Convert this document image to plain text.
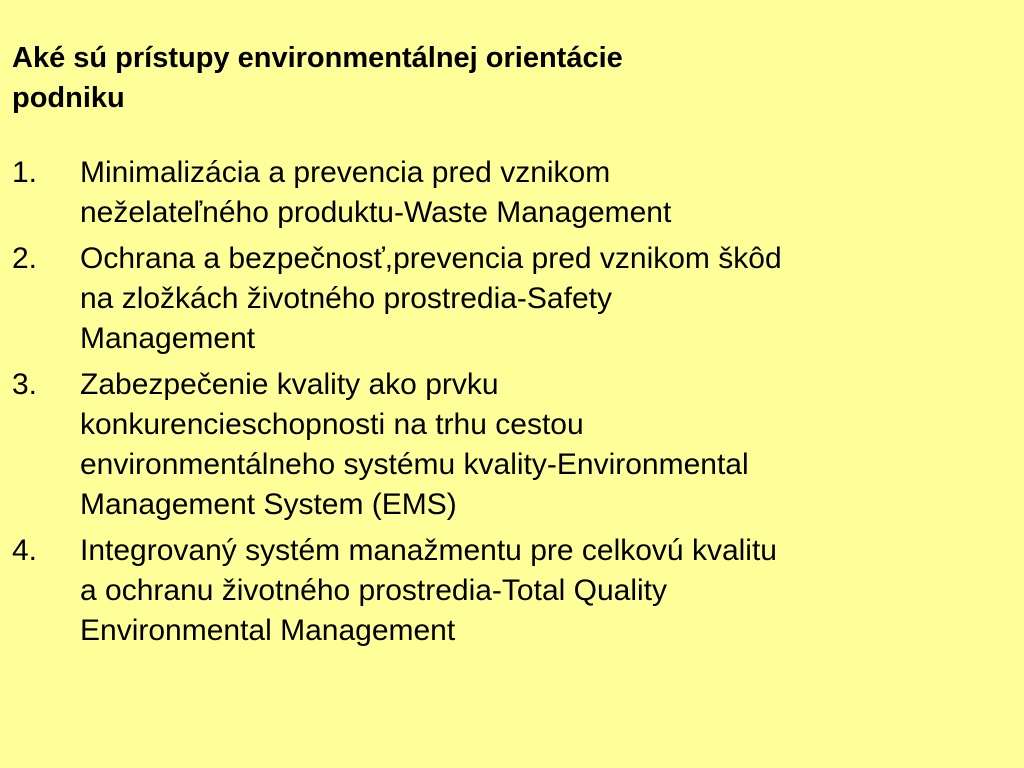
Aké sú prístupy environmentálnej orientácie
podniku
1. Minimalizácia a prevencia pred vznikom
neželateľného produktu-Waste Management
2. Ochrana a bezpečnosť,prevencia pred vznikom škôd
na zložkách životného prostredia-Safety
Management
3. Zabezpečenie kvality ako prvku
konkurencieschopnosti na trhu cestou
environmentálneho systému kvality-Environmental
Management System (EMS)
4. Integrovaný systém manažmentu pre celkovú kvalitu
a ochranu životného prostredia-Total Quality
Environmental Management
